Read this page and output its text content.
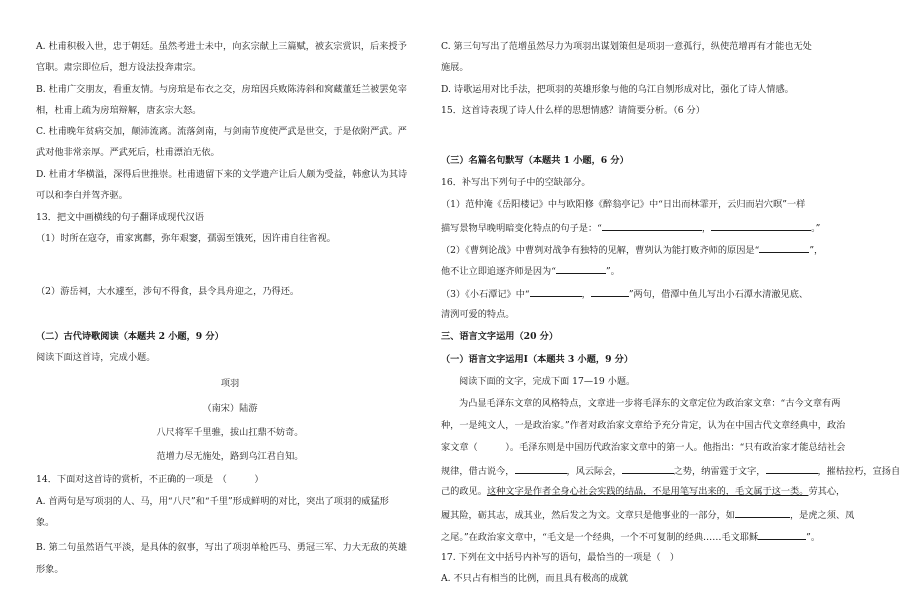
A. 杜甫积极入世，忠于朝廷。虽然考进士未中，向玄宗献上三篇赋，被玄宗赏识，后来授予
官职。肃宗即位后，想方设法投奔肃宗。
B. 杜甫广交朋友，看重友情。与房琯是布衣之交，房琯因兵败陈涛斜和窝藏董廷兰被罢免宰
相，杜甫上疏为房琯辩解，唐玄宗大怒。
C. 杜甫晚年贫病交加，颠沛流离。流落剑南，与剑南节度使严武是世交，于是依附严武。严
武对他非常亲厚。严武死后，杜甫漂泊无依。
D. 杜甫才华横溢，深得后世推崇。杜甫遗留下来的文学遗产让后人颇为受益，韩愈认为其诗
可以和李白并驾齐驱。
13．把文中画横线的句子翻译成现代汉语
（1）时所在寇夺，甫家寓鄜，弥年艰窭，孺弱至饿死，因许甫自往省视。
（2）游岳祠，大水遽至，涉旬不得食，县令具舟迎之，乃得还。
（二）古代诗歌阅读（本题共 2 小题，9 分）
阅读下面这首诗，完成小题。
项羽
（南宋）陆游
八尺将军千里骓，拔山扛鼎不妨奇。
范增力尽无施处，路到乌江君自知。
14．下面对这首诗的赏析，不正确的一项是　（　　　）
A. 首两句是写项羽的人、马，用“八尺”和“千里”形成鲜明的对比，突出了项羽的威猛形
象。
B. 第二句虽然语气平淡，是具体的叙事，写出了项羽单枪匹马、勇冠三军、力大无敌的英雄
形象。
C. 第三句写出了范增虽然尽力为项羽出谋划策但是项羽一意孤行，纵使范增再有才能也无处
施展。
D. 诗歌运用对比手法，把项羽的英雄形象与他的乌江自刎形成对比，强化了诗人情感。
15．这首诗表现了诗人什么样的思想情感？请简要分析。（6 分）
（三）名篇名句默写（本题共 1 小题，6 分）
16．补写出下列句子中的空缺部分。
（1）范仲淹《岳阳楼记》中与欧阳修《醉翁亭记》中“日出而林霏开，云归而岩穴暝”一样
描写景物早晚明暗变化特点的句子是：“	，	。”
（2）《曹刿论战》中曹刿对战争有独特的见解，曹刿认为能打败齐师的原因是“	”，
他不让立即追逐齐师是因为“	”。
（3）《小石潭记》中“	，	”两句，借潭中鱼儿写出小石潭水清澈见底、
清洌可爱的特点。
三、语言文字运用（20 分）
（一）语言文字运用Ⅰ（本题共 3 小题，9 分）
阅读下面的文字，完成下面 17—19 小题。
为凸显毛泽东文章的风格特点，文章进一步将毛泽东的文章定位为政治家文章：“古今文章有两
种，一是纯文人，一是政治家。”作者对政治家文章给予充分肯定，认为在中国古代文章经典中，政治
家文章（　　　）。毛泽东则是中国历代政治家文章中的第一人。他指出：“只有政治家才能总结社会
规律，借古说今，	，风云际会，	之势，纳雷霆于文字，	，摧枯拉朽，宣扬自
己的政见。这种文字是作者全身心社会实践的结晶，不是用笔写出来的，毛文属于这一类。劳其心，
履其险，砺其志，成其业，然后发之为文。文章只是他事业的一部分，如	，是虎之须、凤
之尾。”在政治家文章中，“毛文是一个经典，一个不可复制的经典……毛文耶稣	”。
17. 下列在文中括号内补写的语句，最恰当的一项是（　）
A. 不只占有相当的比例，而且具有极高的成就
